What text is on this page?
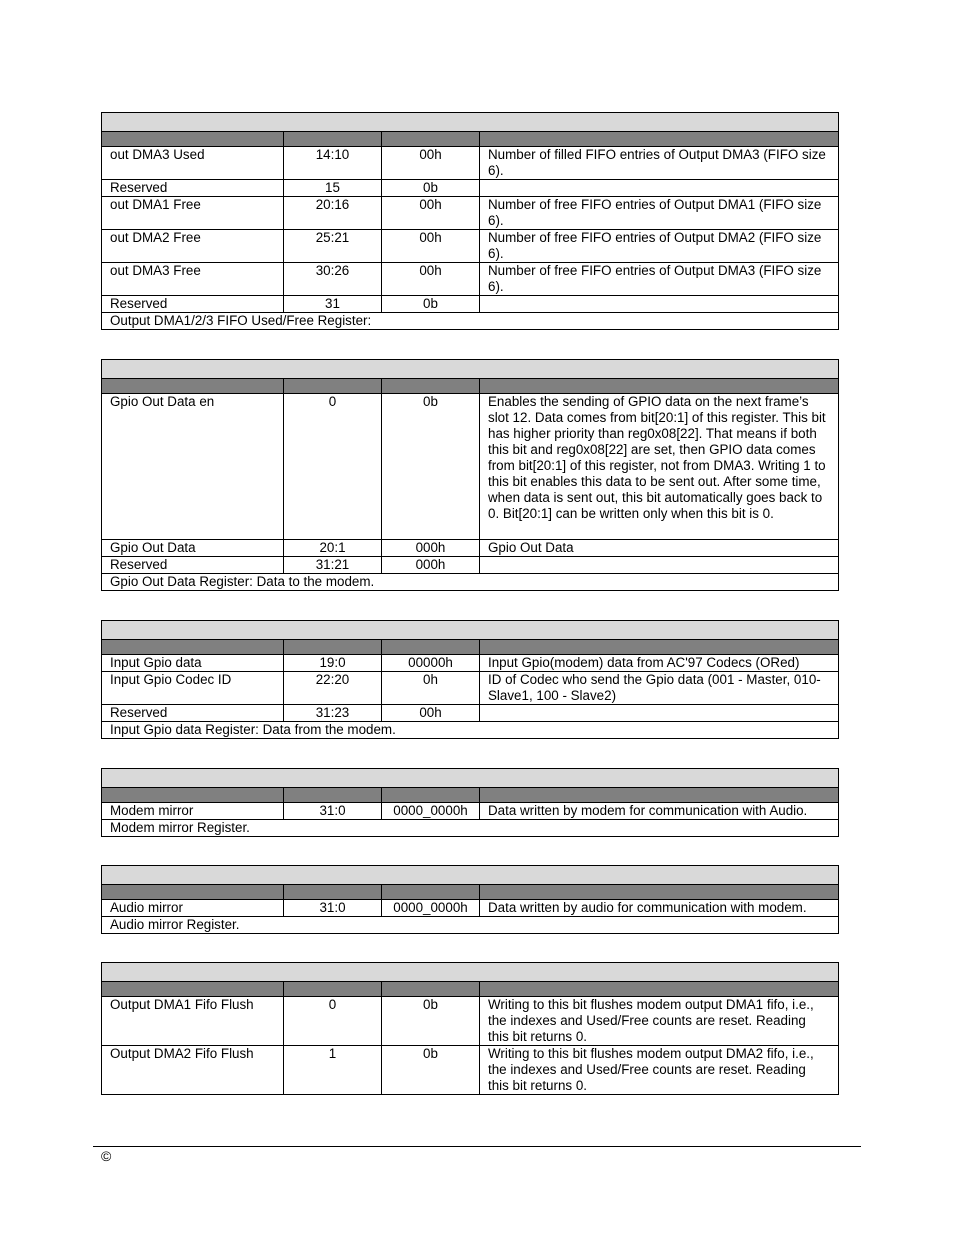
out DMA3 Used	14:10	00h	Number of filled FIFO entries of Output DMA3 (FIFO size 6).
Reserved	15	0b	
out DMA1 Free	20:16	00h	Number of free FIFO entries of Output DMA1 (FIFO size 6).
out DMA2 Free	25:21	00h	Number of free FIFO entries of Output DMA2 (FIFO size 6).
out DMA3 Free	30:26	00h	Number of free FIFO entries of Output DMA3 (FIFO size 6).
Reserved	31	0b	
Output DMA1/2/3 FIFO Used/Free Register:			

Gpio Out Data en	0	0b	Enables the sending of GPIO data on the next frame’s slot 12. Data comes from bit[20:1] of this register. This bit has higher priority than reg0x08[22]. That means if both this bit and reg0x08[22] are set, then GPIO data comes from bit[20:1] of this register, not from DMA3. Writing 1 to this bit enables this data to be sent out. After some time, when data is sent out, this bit automatically goes back to 0. Bit[20:1] can be written only when this bit is 0.
Gpio Out Data	20:1	000h	Gpio Out Data
Reserved	31:21	000h	
Gpio Out Data Register: Data to the modem.			

Input Gpio data	19:0	00000h	Input Gpio(modem) data from AC'97 Codecs (ORed)
Input Gpio Codec ID	22:20	0h	ID of Codec who send the Gpio data (001 - Master, 010- Slave1, 100 - Slave2)
Reserved	31:23	00h	
Input Gpio data Register: Data from the modem.			

Modem mirror	31:0	0000_0000h	Data written by modem for communication with Audio.
Modem mirror Register.			

Audio mirror	31:0	0000_0000h	Data written by audio for communication with modem.
Audio mirror Register.			

Output DMA1 Fifo Flush	0	0b	Writing to this bit flushes modem output DMA1 fifo, i.e., the indexes and Used/Free counts are reset. Reading this bit returns 0.
Output DMA2 Fifo Flush	1	0b	Writing to this bit flushes modem output DMA2 fifo, i.e., the indexes and Used/Free counts are reset. Reading this bit returns 0.
©
